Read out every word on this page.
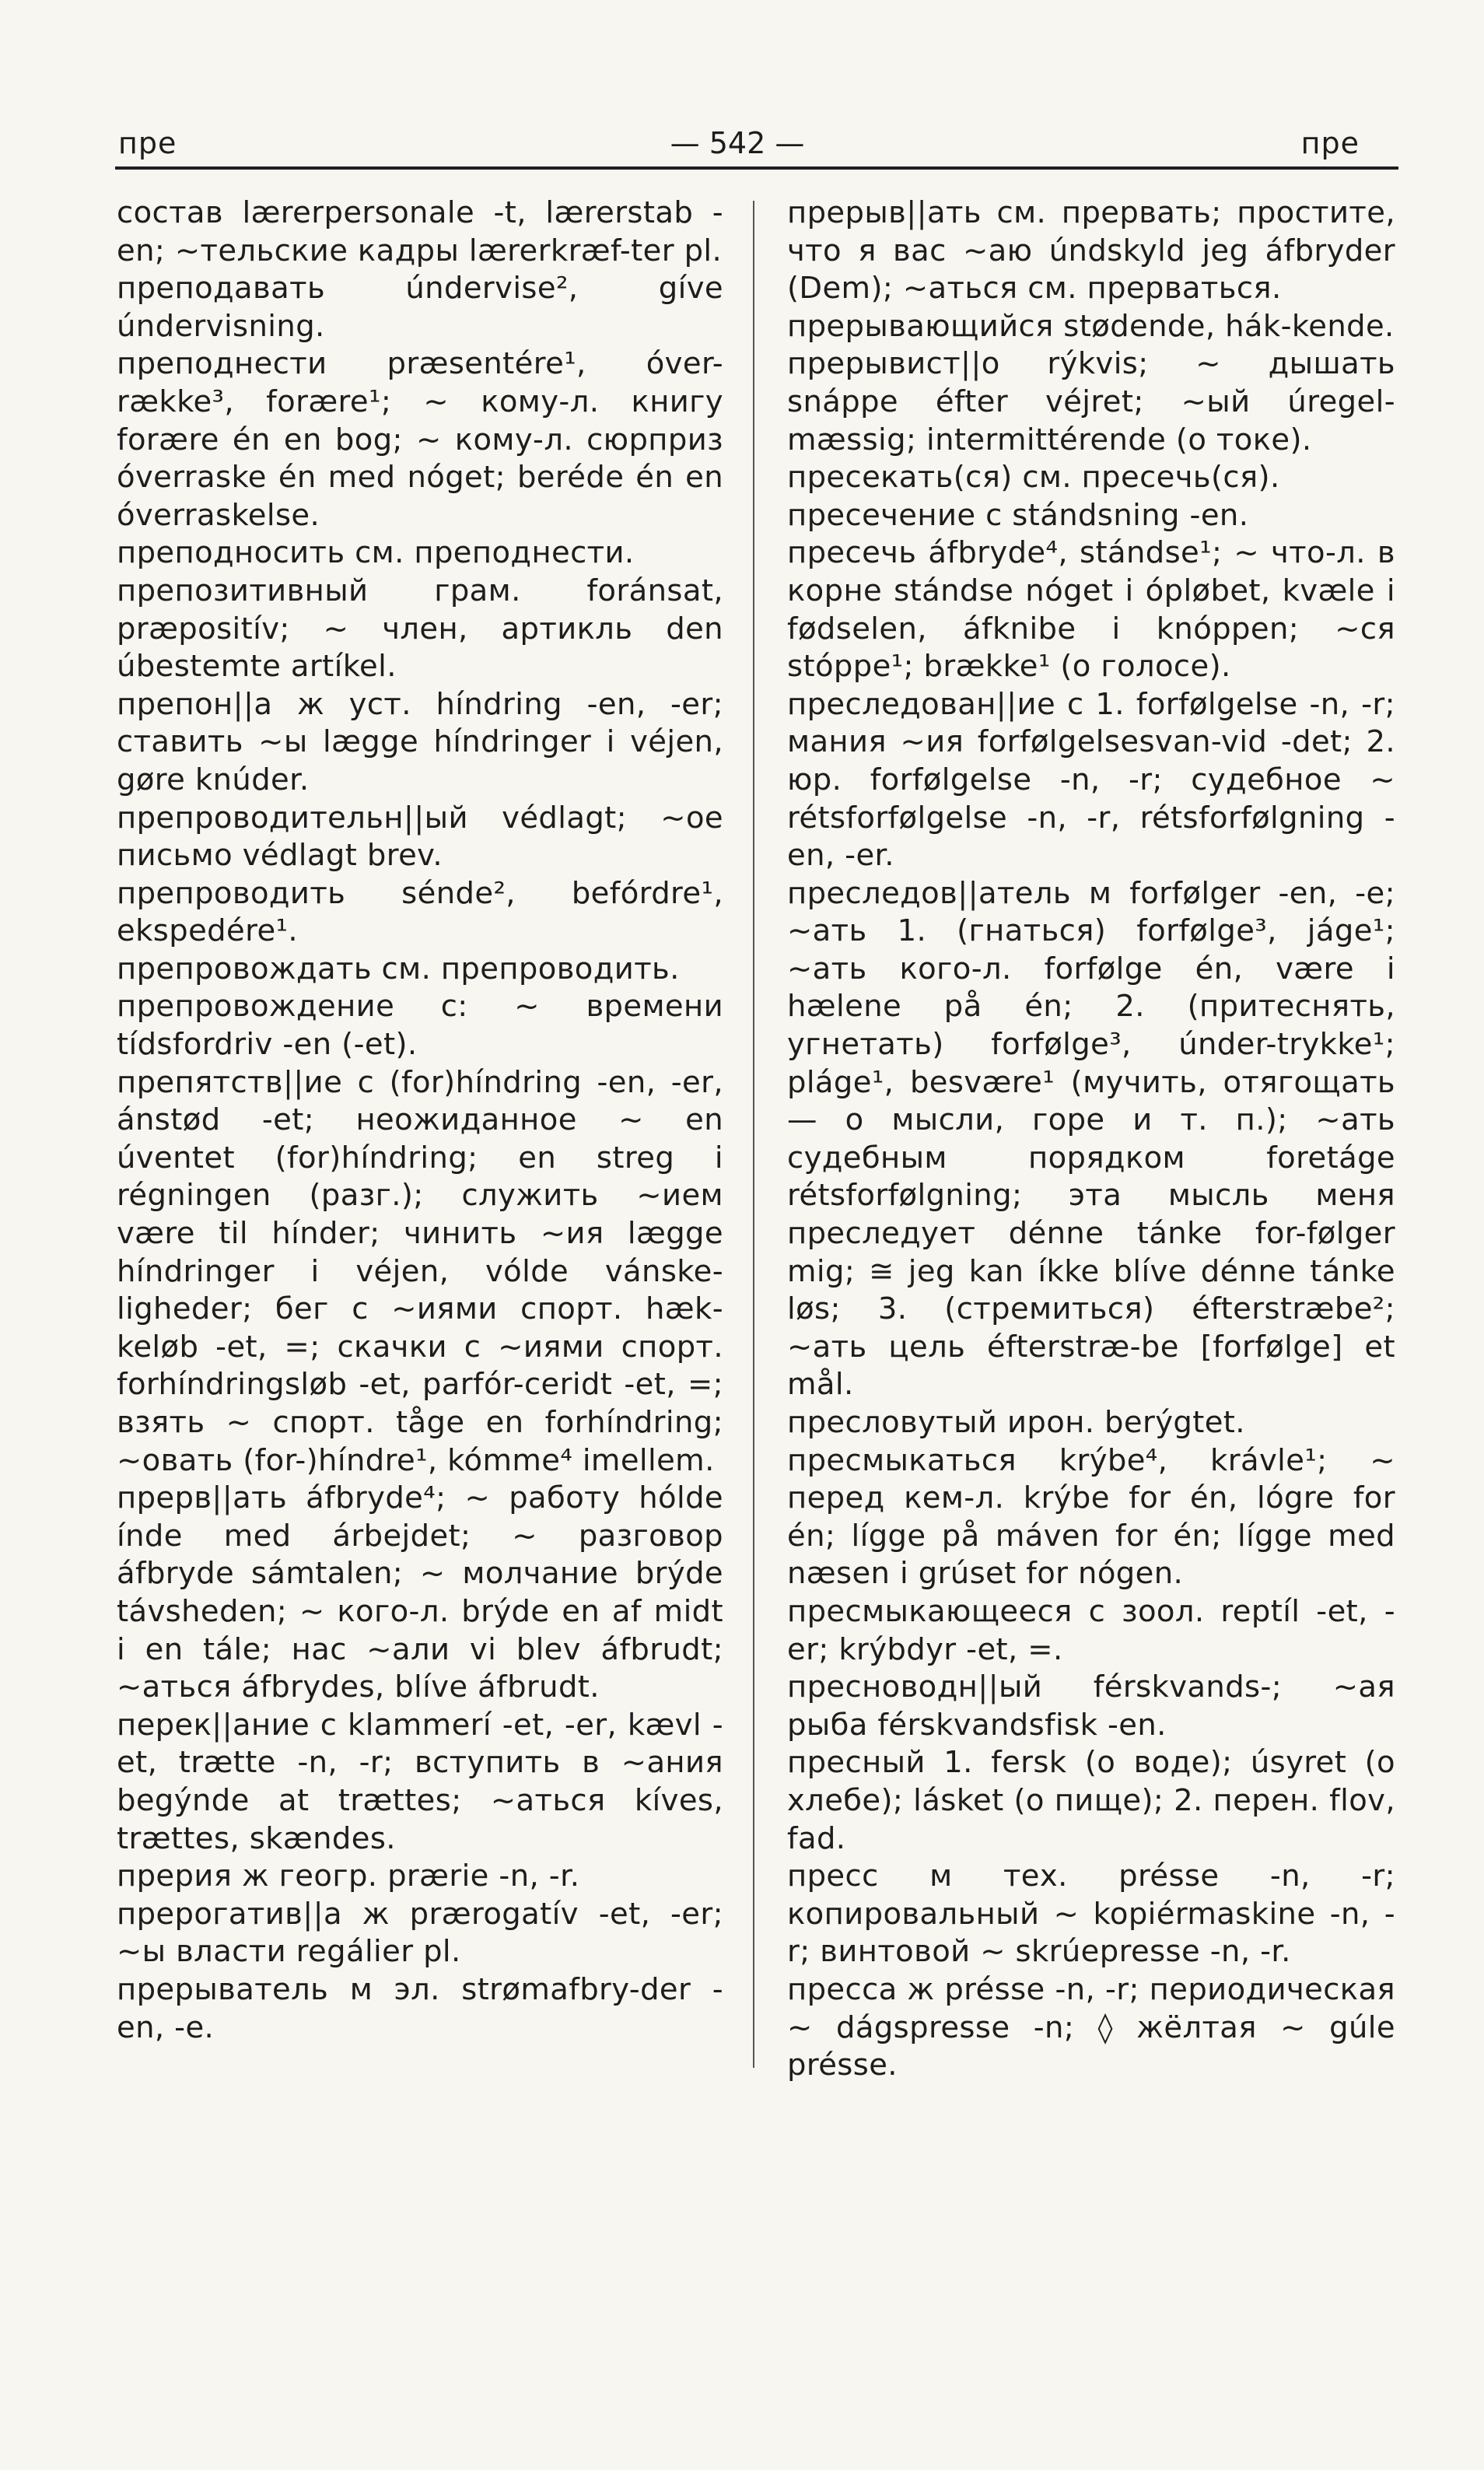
пре	— 542 —	пре

состав lærerpersonale -t, lærerstab -en; ~тельские кадры lærerkræf-ter pl.

преподавать úndervise², gíve úndervisning.

преподнести præsentére¹, óver-række³, forære¹; ~ кому-л. книгу forære én en bog; ~ кому-л. сюрприз óverraske én med nóget; beréde én en óverraskelse.

преподносить см. преподнести.

препозитивный грам. foránsat, præpositív; ~ член, артикль den úbestemte artíkel.

препон||а ж уст. híndring -en, -er; ставить ~ы lægge híndringer i véjen, gøre knúder.

препроводительн||ый védlagt; ~ое письмо védlagt brev.

препроводить sénde², befórdre¹, ekspedére¹.

препровождать см. препроводить.

препровождение с: ~ времени tídsfordriv -en (-et).

препятств||ие с (for)híndring -en, -er, ánstød -et; неожиданное ~ en úventet (for)híndring; en streg i régningen (разг.); служить ~ием være til hínder; чинить ~ия lægge híndringer i véjen, vólde vánske-ligheder; бег с ~иями спорт. hæk-keløb -et, =; скачки с ~иями спорт. forhíndringsløb -et, parfór-ceridt -et, =; взять ~ спорт. tåge en forhíndring; ~овать (for-)híndre¹, kómme⁴ imellem.

прерв||ать áfbryde⁴; ~ работу hólde índe med árbejdet; ~ разговор áfbryde sámtalen; ~ молчание brýde távsheden; ~ кого-л. brýde en af midt i en tále; нас ~али vi blev áfbrudt; ~аться áfbrydes, blíve áfbrudt.

перек||ание с klammerí -et, -er, kævl -et, trætte -n, -r; вступить в ~ания begýnde at trættes; ~аться kíves, trættes, skændes.

прерия ж геогр. prærie -n, -r.

прерогатив||а ж prærogatív -et, -er; ~ы власти regálier pl.

прерыватель м эл. strømafbry-der -en, -e.

прерыв||ать см. прервать; простите, что я вас ~аю úndskyld jeg áfbryder (Dem); ~аться см. прерваться.

прерывающийся stødende, hák-kende.

прерывист||о rýkvis; ~ дышать snáppe éfter véjret; ~ый úregel-mæssig; intermittérende (о токе).

пресекать(ся) см. пресечь(ся).

пресечение с stándsning -en.

пресечь áfbryde⁴, stándse¹; ~ что-л. в корне stándse nóget i ópløbet, kvæle i fødselen, áfknibe i knóppen; ~ся stóppe¹; brække¹ (о голосе).

преследован||ие с 1. forfølgelse -n, -r; мания ~ия forfølgelsesvan-vid -det; 2. юр. forfølgelse -n, -r; судебное ~ rétsforfølgelse -n, -r, rétsforfølgning -en, -er.

преследов||атель м forfølger -en, -e; ~ать 1. (гнаться) forfølge³, jáge¹; ~ать кого-л. forfølge én, være i hælene på én; 2. (притеснять, угнетать) forfølge³, únder-trykke¹; pláge¹, besvære¹ (мучить, отягощать — о мысли, горе и т. п.); ~ать судебным порядком foretáge rétsforfølgning; эта мысль меня преследует dénne tánke for-følger mig; ≅ jeg kan íkke blíve dénne tánke løs; 3. (стремиться) éfterstræbe²; ~ать цель éfterstræ-be [forfølge] et mål.

пресловутый ирон. berýgtet.

пресмыкаться krýbe⁴, krávle¹; ~ перед кем-л. krýbe for én, lógre for én; lígge på máven for én; lígge med næsen i grúset for nógen.

пресмыкающееся с зоол. reptíl -et, -er; krýbdyr -et, =.

пресноводн||ый férskvands-; ~ая рыба férskvandsfisk -en.

пресный 1. fersk (о воде); úsyret (о хлебе); lásket (о пище); 2. перен. flov, fad.

пресс м тех. présse -n, -r; копировальный ~ kopiérmaskine -n, -r; винтовой ~ skrúepresse -n, -r.

пресса ж présse -n, -r; периодическая ~ dágspresse -n; ◊ жёлтая ~ gúle présse.
